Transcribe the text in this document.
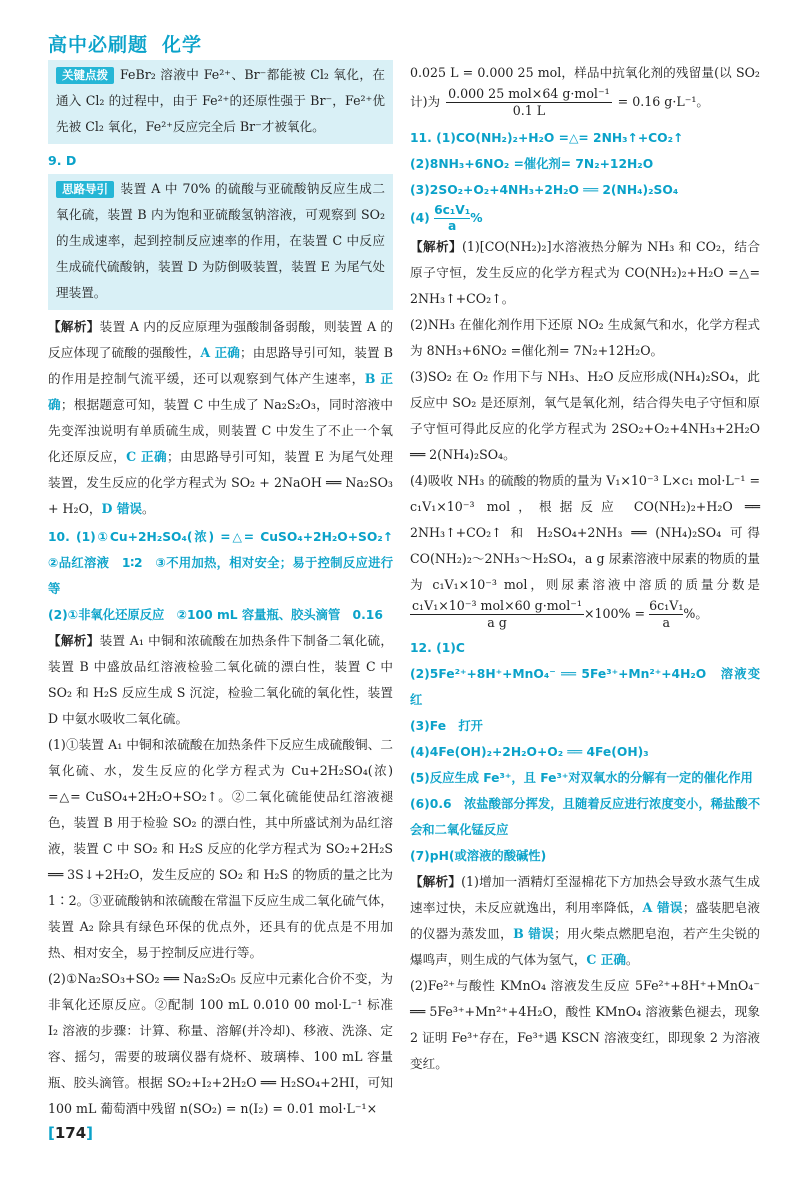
高中必刷题 化学

关键点拨 FeBr₂ 溶液中 Fe²⁺、Br⁻都能被 Cl₂ 氧化，在通入 Cl₂ 的过程中，由于 Fe²⁺的还原性强于 Br⁻，Fe²⁺优先被 Cl₂ 氧化，Fe²⁺反应完全后 Br⁻才被氧化。

9. D

思路导引 装置 A 中 70% 的硫酸与亚硫酸钠反应生成二氧化硫，装置 B 内为饱和亚硫酸氢钠溶液，可观察到 SO₂ 的生成速率，起到控制反应速率的作用，在装置 C 中反应生成硫代硫酸钠，装置 D 为防倒吸装置，装置 E 为尾气处理装置。

【解析】装置 A 内的反应原理为强酸制备弱酸，则装置 A 的反应体现了硫酸的强酸性，A 正确；由思路导引可知，装置 B 的作用是控制气流平缓，还可以观察到气体产生速率，B 正确；根据题意可知，装置 C 中生成了 Na₂S₂O₃，同时溶液中先变浑浊说明有单质硫生成，则装置 C 中发生了不止一个氧化还原反应，C 正确；由思路导引可知，装置 E 为尾气处理装置，发生反应的化学方程式为 SO₂ + 2NaOH ══ Na₂SO₃ + H₂O，D 错误。

10. (1)①Cu+2H₂SO₄(浓) =△= CuSO₄+2H₂O+SO₂↑　②品红溶液　1∶2　③不用加热，相对安全；易于控制反应进行等

(2)①非氧化还原反应　②100 mL 容量瓶、胶头滴管　0.16

【解析】装置 A₁ 中铜和浓硫酸在加热条件下制备二氧化硫，装置 B 中盛放品红溶液检验二氧化硫的漂白性，装置 C 中 SO₂ 和 H₂S 反应生成 S 沉淀，检验二氧化硫的氧化性，装置 D 中氨水吸收二氧化硫。

(1)①装置 A₁ 中铜和浓硫酸在加热条件下反应生成硫酸铜、二氧化硫、水，发生反应的化学方程式为 Cu+2H₂SO₄(浓) =△= CuSO₄+2H₂O+SO₂↑。②二氧化硫能使品红溶液褪色，装置 B 用于检验 SO₂ 的漂白性，其中所盛试剂为品红溶液，装置 C 中 SO₂ 和 H₂S 反应的化学方程式为 SO₂+2H₂S ══ 3S↓+2H₂O，发生反应的 SO₂ 和 H₂S 的物质的量之比为 1∶2。③亚硫酸钠和浓硫酸在常温下反应生成二氧化硫气体，装置 A₂ 除具有绿色环保的优点外，还具有的优点是不用加热、相对安全，易于控制反应进行等。

(2)①Na₂SO₃+SO₂ ══ Na₂S₂O₅ 反应中元素化合价不变，为非氧化还原反应。②配制 100 mL 0.010 00 mol·L⁻¹ 标准 I₂ 溶液的步骤：计算、称量、溶解(并冷却)、移液、洗涤、定容、摇匀，需要的玻璃仪器有烧杯、玻璃棒、100 mL 容量瓶、胶头滴管。根据 SO₂+I₂+2H₂O ══ H₂SO₄+2HI，可知 100 mL 葡萄酒中残留 n(SO₂) = n(I₂) = 0.01 mol·L⁻¹×

0.025 L = 0.000 25 mol，样品中抗氧化剂的残留量(以 SO₂ 计)为
0.000 25 mol×64 g·mol⁻¹
0.1 L
= 0.16 g·L⁻¹。

11. (1)CO(NH₂)₂+H₂O =△= 2NH₃↑+CO₂↑

(2)8NH₃+6NO₂ =催化剂= 7N₂+12H₂O

(3)2SO₂+O₂+4NH₃+2H₂O ══ 2(NH₄)₂SO₄

$(4) \frac{\text{6c₁V₁}}{a}$ %

【解析】(1)[CO(NH₂)₂]水溶液热分解为 NH₃ 和 CO₂，结合原子守恒，发生反应的化学方程式为 CO(NH₂)₂+H₂O =△= 2NH₃↑+CO₂↑。

(2)NH₃ 在催化剂作用下还原 NO₂ 生成氮气和水，化学方程式为 8NH₃+6NO₂ =催化剂= 7N₂+12H₂O。

(3)SO₂ 在 O₂ 作用下与 NH₃、H₂O 反应形成(NH₄)₂SO₄，此反应中 SO₂ 是还原剂，氧气是氧化剂，结合得失电子守恒和原子守恒可得此反应的化学方程式为 2SO₂+O₂+4NH₃+2H₂O ══ 2(NH₄)₂SO₄。

(4)吸收 NH₃ 的硫酸的物质的量为 V₁×10⁻³ L×c₁ mol·L⁻¹ = c₁V₁×10⁻³ mol，根据反应 CO(NH₂)₂+H₂O ══ 2NH₃↑+CO₂↑ 和 H₂SO₄+2NH₃ ══ (NH₄)₂SO₄ 可得 CO(NH₂)₂～2NH₃～H₂SO₄，a g 尿素溶液中尿素的物质的量为 c₁V₁×10⁻³ mol，则尿素溶液中溶质的质量分数是
c₁V₁×10⁻³ mol×60 g·mol⁻¹
a g
$\times 100\% = \frac{\text{6c₁V₁}}{a}$ %。

12. (1)C

(2)5Fe²⁺+8H⁺+MnO₄⁻ ══ 5Fe³⁺+Mn²⁺+4H₂O　溶液变红

(3)Fe　打开

(4)4Fe(OH)₂+2H₂O+O₂ ══ 4Fe(OH)₃

(5)反应生成 Fe³⁺，且 Fe³⁺对双氧水的分解有一定的催化作用

(6)0.6　浓盐酸部分挥发，且随着反应进行浓度变小，稀盐酸不会和二氧化锰反应

(7)pH(或溶液的酸碱性)

【解析】(1)增加一酒精灯至湿棉花下方加热会导致水蒸气生成速率过快，未反应就逸出，利用率降低，A 错误；盛装肥皂液的仪器为蒸发皿，B 错误；用火柴点燃肥皂泡，若产生尖锐的爆鸣声，则生成的气体为氢气，C 正确。

(2)Fe²⁺与酸性 KMnO₄ 溶液发生反应 5Fe²⁺+8H⁺+MnO₄⁻ ══ 5Fe³⁺+Mn²⁺+4H₂O，酸性 KMnO₄ 溶液紫色褪去，现象 2 证明 Fe³⁺存在，Fe³⁺遇 KSCN 溶液变红，即现象 2 为溶液变红。

[174]
